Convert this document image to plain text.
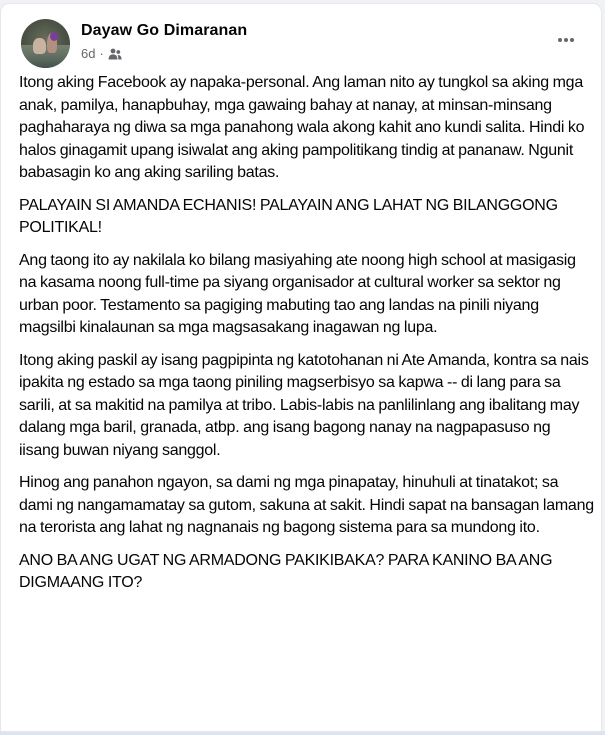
Dayaw Go Dimaranan
6d ·

Itong aking Facebook ay napaka-personal. Ang laman nito ay tungkol sa aking mga anak, pamilya, hanapbuhay, mga gawaing bahay at nanay, at minsan-minsang paghaharaya ng diwa sa mga panahong wala akong kahit ano kundi salita. Hindi ko halos ginagamit upang isiwalat ang aking pampolitikang tindig at pananaw. Ngunit babasagin ko ang aking sariling batas.

PALAYAIN SI AMANDA ECHANIS! PALAYAIN ANG LAHAT NG BILANGGONG POLITIKAL!

Ang taong ito ay nakilala ko bilang masiyahing ate noong high school at masigasig na kasama noong full-time pa siyang organisador at cultural worker sa sektor ng urban poor. Testamento sa pagiging mabuting tao ang landas na pinili niyang magsilbi kinalaunan sa mga magsasakang inagawan ng lupa.

Itong aking paskil ay isang pagpipinta ng katotohanan ni Ate Amanda, kontra sa nais ipakita ng estado sa mga taong piniling magserbisyo sa kapwa -- di lang para sa sarili, at sa makitid na pamilya at tribo. Labis-labis na panlilinlang ang ibalitang may dalang mga baril, granada, atbp. ang isang bagong nanay na nagpapasuso ng iisang buwan niyang sanggol.

Hinog ang panahon ngayon, sa dami ng mga pinapatay, hinuhuli at tinatakot; sa dami ng nangamamatay sa gutom, sakuna at sakit. Hindi sapat na bansagan lamang na terorista ang lahat ng nagnanais ng bagong sistema para sa mundong ito.

ANO BA ANG UGAT NG ARMADONG PAKIKIBAKA? PARA KANINO BA ANG DIGMAANG ITO?
